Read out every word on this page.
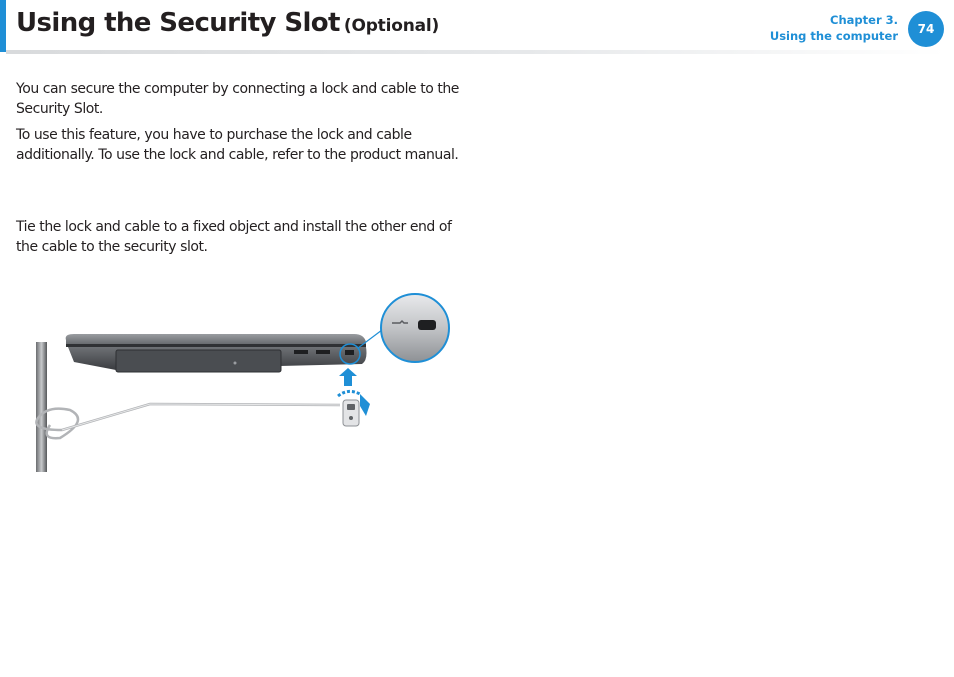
Using the Security Slot (Optional)	Chapter 3.
Using the computer	74

You can secure the computer by connecting a lock and cable to the Security Slot.

To use this feature, you have to purchase the lock and cable additionally. To use the lock and cable, refer to the product manual.

Tie the lock and cable to a fixed object and install the other end of the cable to the security slot.
